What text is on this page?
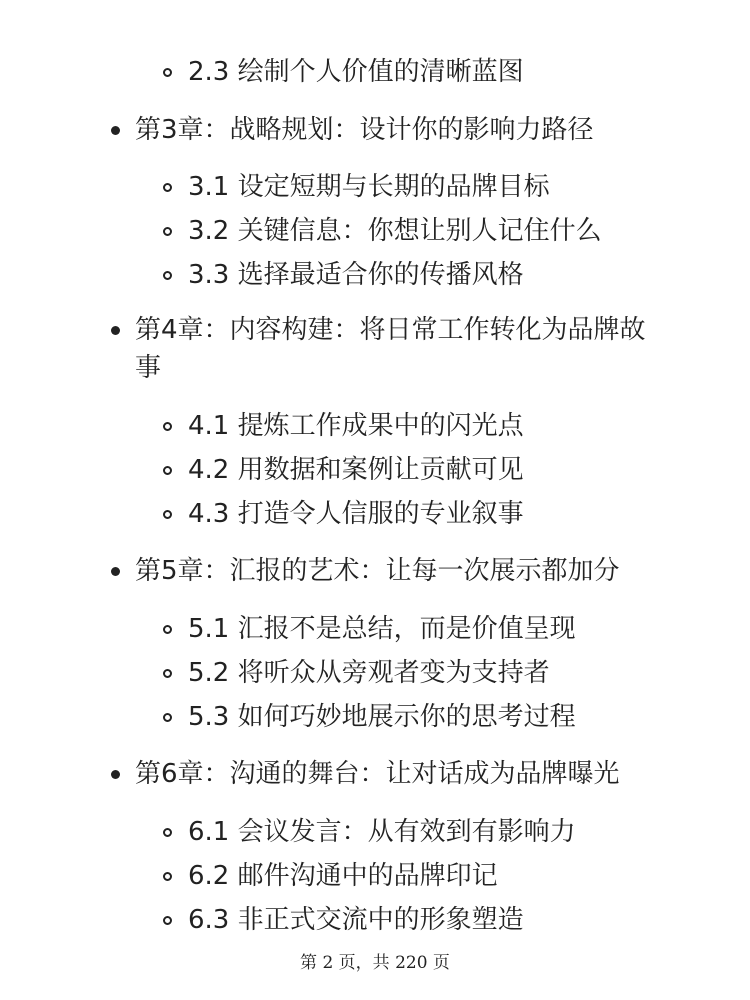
2.3 绘制个人价值的清晰蓝图
第3章：战略规划：设计你的影响力路径
3.1 设定短期与长期的品牌目标
3.2 关键信息：你想让别人记住什么
3.3 选择最适合你的传播风格
第4章：内容构建：将日常工作转化为品牌故
事
4.1 提炼工作成果中的闪光点
4.2 用数据和案例让贡献可见
4.3 打造令人信服的专业叙事
第5章：汇报的艺术：让每一次展示都加分
5.1 汇报不是总结，而是价值呈现
5.2 将听众从旁观者变为支持者
5.3 如何巧妙地展示你的思考过程
第6章：沟通的舞台：让对话成为品牌曝光
6.1 会议发言：从有效到有影响力
6.2 邮件沟通中的品牌印记
6.3 非正式交流中的形象塑造
第 2 页，共 220 页
